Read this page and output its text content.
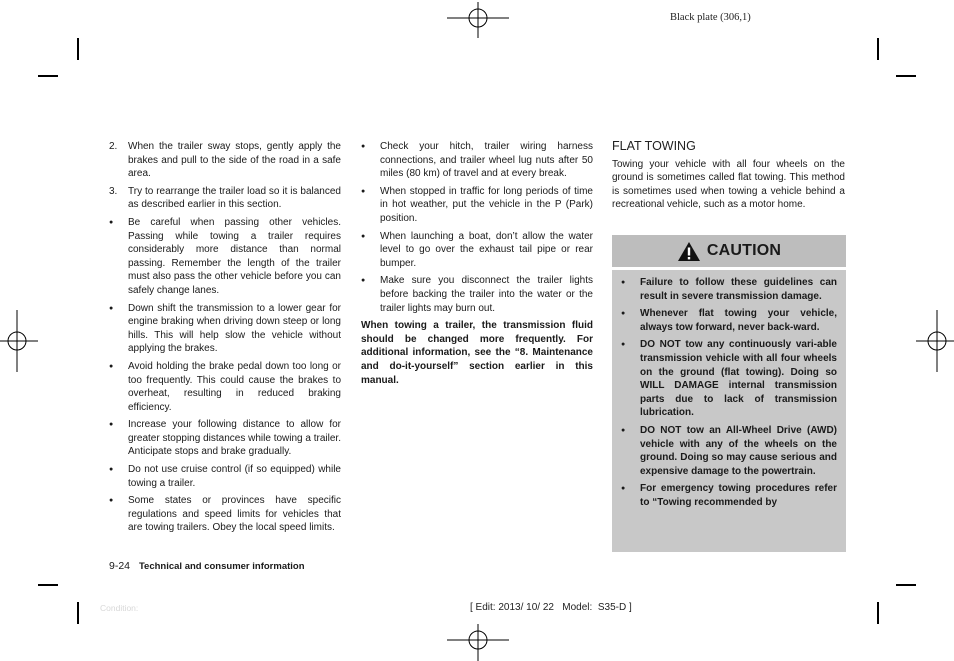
Black plate (306,1)
2. When the trailer sway stops, gently apply the brakes and pull to the side of the road in a safe area.
3. Try to rearrange the trailer load so it is balanced as described earlier in this section.
● Be careful when passing other vehicles. Passing while towing a trailer requires considerably more distance than normal passing. Remember the length of the trailer must also pass the other vehicle before you can safely change lanes.
● Down shift the transmission to a lower gear for engine braking when driving down steep or long hills. This will help slow the vehicle without applying the brakes.
● Avoid holding the brake pedal down too long or too frequently. This could cause the brakes to overheat, resulting in reduced braking efficiency.
● Increase your following distance to allow for greater stopping distances while towing a trailer. Anticipate stops and brake gradually.
● Do not use cruise control (if so equipped) while towing a trailer.
● Some states or provinces have specific regulations and speed limits for vehicles that are towing trailers. Obey the local speed limits.
● Check your hitch, trailer wiring harness connections, and trailer wheel lug nuts after 50 miles (80 km) of travel and at every break.
● When stopped in traffic for long periods of time in hot weather, put the vehicle in the P (Park) position.
● When launching a boat, don’t allow the water level to go over the exhaust tail pipe or rear bumper.
● Make sure you disconnect the trailer lights before backing the trailer into the water or the trailer lights may burn out.
When towing a trailer, the transmission fluid should be changed more frequently. For additional information, see the “8. Maintenance and do-it-yourself” section earlier in this manual.
FLAT TOWING
Towing your vehicle with all four wheels on the ground is sometimes called flat towing. This method is sometimes used when towing a vehicle behind a recreational vehicle, such as a motor home.
CAUTION
● Failure to follow these guidelines can result in severe transmission damage.
● Whenever flat towing your vehicle, always tow forward, never back-ward.
● DO NOT tow any continuously vari-able transmission vehicle with all four wheels on the ground (flat towing). Doing so WILL DAMAGE internal transmission parts due to lack of transmission lubrication.
● DO NOT tow an All-Wheel Drive (AWD) vehicle with any of the wheels on the ground. Doing so may cause serious and expensive damage to the powertrain.
● For emergency towing procedures refer to “Towing recommended by
9-24 Technical and consumer information
Condition:	[ Edit: 2013/ 10/ 22   Model:  S35-D ]
